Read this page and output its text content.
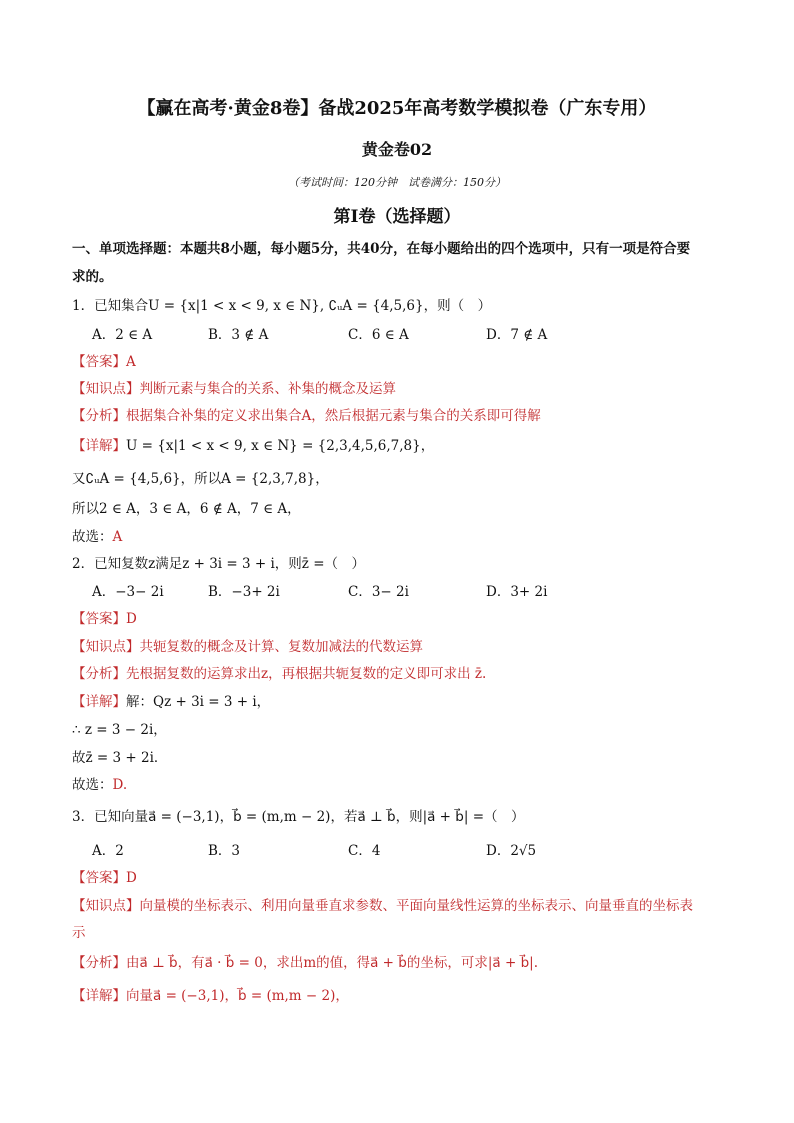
【赢在高考·黄金8卷】备战2025年高考数学模拟卷（广东专用）
黄金卷02
（考试时间：120分钟　试卷满分：150分）
第I卷（选择题）
一、单项选择题：本题共8小题，每小题5分，共40分，在每小题给出的四个选项中，只有一项是符合要
求的。
1．已知集合U = {x|1 < x < 9, x ∈ N}, ∁ᵤA = {4,5,6}，则（　）
A．2 ∈ A	B．3 ∉ A	C．6 ∈ A	D．7 ∉ A
【答案】A
【知识点】判断元素与集合的关系、补集的概念及运算
【分析】根据集合补集的定义求出集合A，然后根据元素与集合的关系即可得解
【详解】U = {x|1 < x < 9, x ∈ N} = {2,3,4,5,6,7,8}，
又∁ᵤA = {4,5,6}，所以A = {2,3,7,8}，
所以2 ∈ A，3 ∈ A，6 ∉ A，7 ∈ A，
故选：A
2．已知复数z满足z + 3i = 3 + i，则z̄ =（　）
A．−3− 2i	B．−3+ 2i	C．3− 2i	D．3+ 2i
【答案】D
【知识点】共轭复数的概念及计算、复数加减法的代数运算
【分析】先根据复数的运算求出z，再根据共轭复数的定义即可求出 z̄.
【详解】解：Qz + 3i = 3 + i，
∴ z = 3 − 2i，
故z̄ = 3 + 2i．
故选：D.
3．已知向量a⃗ = (−3,1)，b⃗ = (m,m − 2)，若a⃗ ⊥ b⃗，则|a⃗ + b⃗| =（　）
A．2	B．3	C．4	D．2√5
【答案】D
【知识点】向量模的坐标表示、利用向量垂直求参数、平面向量线性运算的坐标表示、向量垂直的坐标表
示
【分析】由a⃗ ⊥ b⃗，有a⃗ · b⃗ = 0，求出m的值，得a⃗ + b⃗的坐标，可求|a⃗ + b⃗|.
【详解】向量a⃗ = (−3,1)，b⃗ = (m,m − 2)，
